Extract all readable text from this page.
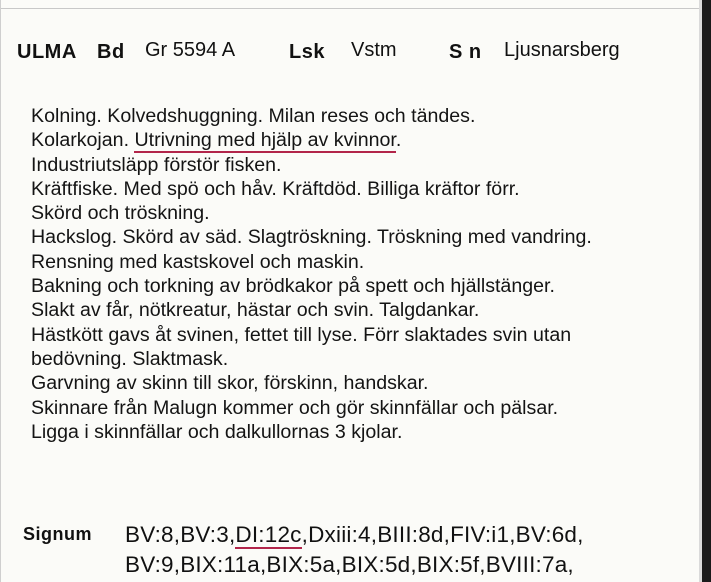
ULMA Bd Gr 5594 A	Lsk Vstm	S n Ljusnarsberg
Kolning. Kolvedshuggning. Milan reses och tändes.
Kolarkojan. Utrivning med hjälp av kvinnor.
Industriutsläpp förstör fisken.
Kräftfiske. Med spö och håv. Kräftdöd. Billiga kräftor förr.
Skörd och tröskning.
Hackslog. Skörd av säd. Slagtröskning. Tröskning med vandring.
Rensning med kastskovel och maskin.
Bakning och torkning av brödkakor på spett och hjällstänger.
Slakt av får, nötkreatur, hästar och svin. Talgdankar.
Hästkött gavs åt svinen, fettet till lyse. Förr slaktades svin utan
bedövning. Slaktmask.
Garvning av skinn till skor, förskinn, handskar.
Skinnare från Malugn kommer och gör skinnfällar och pälsar.
Ligga i skinnfällar och dalkullornas 3 kjolar.
Signum BV:8,BV:3,DI:12c,Dxiii:4,BIII:8d,FIV:i1,BV:6d,
BV:9,BIX:11a,BIX:5a,BIX:5d,BIX:5f,BVIII:7a,
